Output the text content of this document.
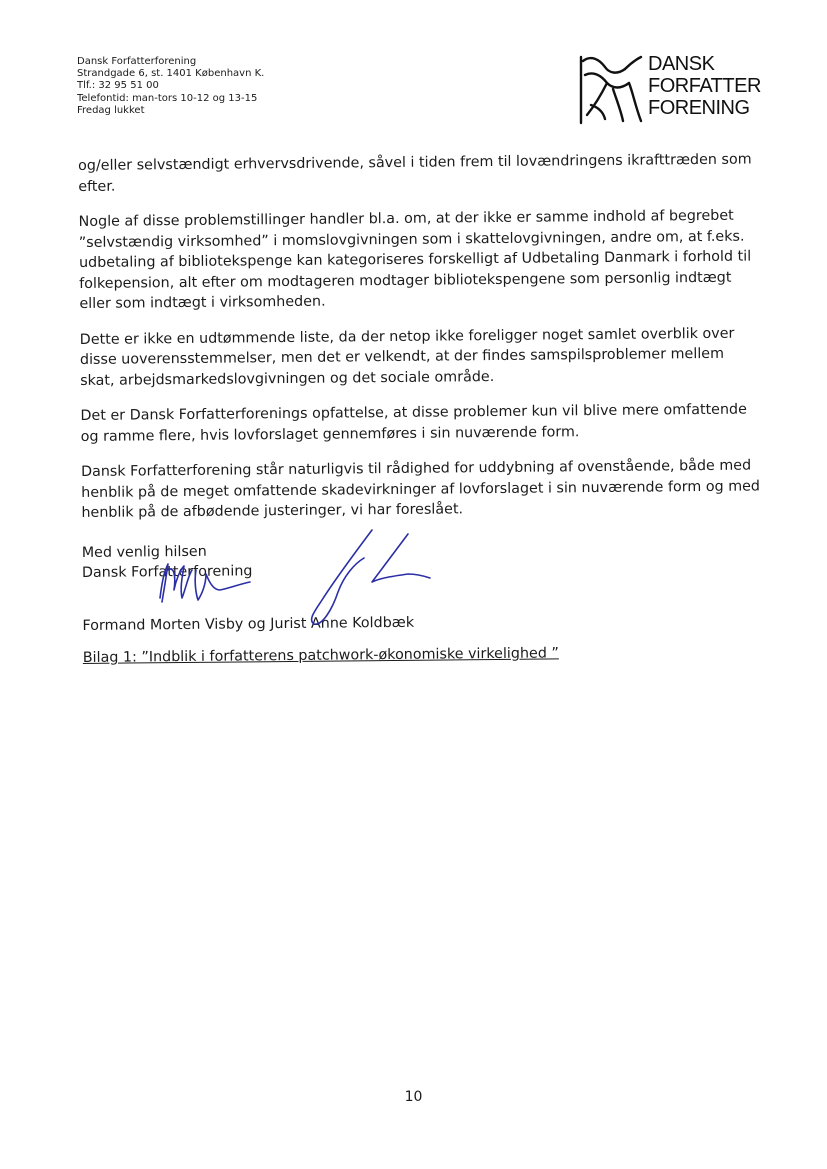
Dansk Forfatterforening
Strandgade 6, st. 1401 København K.
Tlf.: 32 95 51 00
Telefontid: man-tors 10-12 og 13-15
Fredag lukket
DANSK
FORFATTER
FORENING

og/eller selvstændigt erhvervsdrivende, såvel i tiden frem til lovændringens ikrafttræden som efter.

Nogle af disse problemstillinger handler bl.a. om, at der ikke er samme indhold af begrebet ”selvstændig virksomhed” i momslovgivningen som i skattelovgivningen, andre om, at f.eks. udbetaling af bibliotekspenge kan kategoriseres forskelligt af Udbetaling Danmark i forhold til folkepension, alt efter om modtageren modtager bibliotekspengene som personlig indtægt eller som indtægt i virksomheden.

Dette er ikke en udtømmende liste, da der netop ikke foreligger noget samlet overblik over disse uoverensstemmelser, men det er velkendt, at der findes samspilsproblemer mellem skat, arbejdsmarkedslovgivningen og det sociale område.

Det er Dansk Forfatterforenings opfattelse, at disse problemer kun vil blive mere omfattende og ramme flere, hvis lovforslaget gennemføres i sin nuværende form.

Dansk Forfatterforening står naturligvis til rådighed for uddybning af ovenstående, både med henblik på de meget omfattende skadevirkninger af lovforslaget i sin nuværende form og med henblik på de afbødende justeringer, vi har foreslået.

Med venlig hilsen
Dansk Forfatterforening
Formand Morten Visby og Jurist Anne Koldbæk
Bilag 1: ”Indblik i forfatterens patchwork-økonomiske virkelighed ”
10
